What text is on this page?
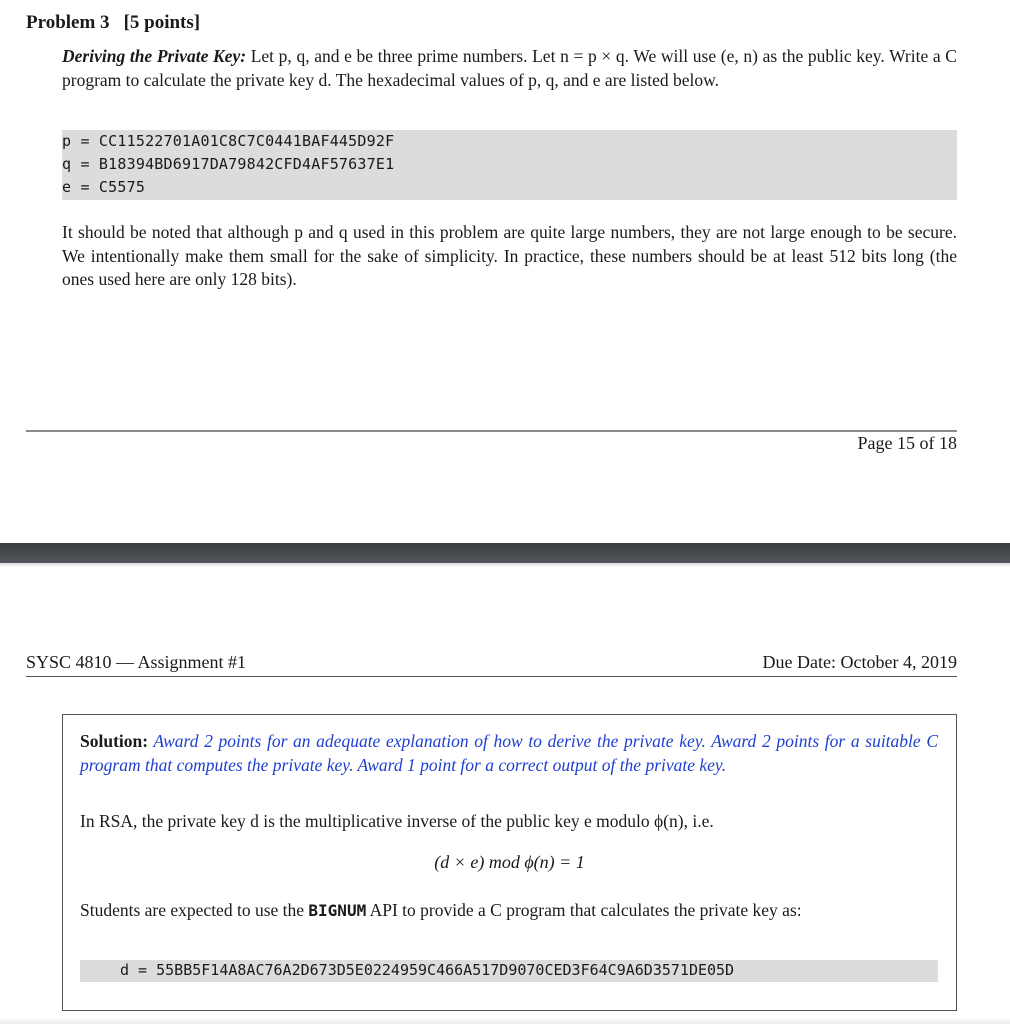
Problem 3 [5 points]
Deriving the Private Key: Let p, q, and e be three prime numbers. Let n = p × q. We will use (e, n) as the public key. Write a C program to calculate the private key d. The hexadecimal values of p, q, and e are listed below.
p = CC11522701A01C8C7C0441BAF445D92F
q = B18394BD6917DA79842CFD4AF57637E1
e = C5575
It should be noted that although p and q used in this problem are quite large numbers, they are not large enough to be secure. We intentionally make them small for the sake of simplicity. In practice, these numbers should be at least 512 bits long (the ones used here are only 128 bits).
Page 15 of 18
SYSC 4810 — Assignment #1	Due Date: October 4, 2019
Solution: Award 2 points for an adequate explanation of how to derive the private key. Award 2 points for a suitable C program that computes the private key. Award 1 point for a correct output of the private key.
In RSA, the private key d is the multiplicative inverse of the public key e modulo ϕ(n), i.e.
(d × e) mod ϕ(n) = 1
Students are expected to use the BIGNUM API to provide a C program that calculates the private key as:
d = 55BB5F14A8AC76A2D673D5E0224959C466A517D9070CED3F64C9A6D3571DE05D
